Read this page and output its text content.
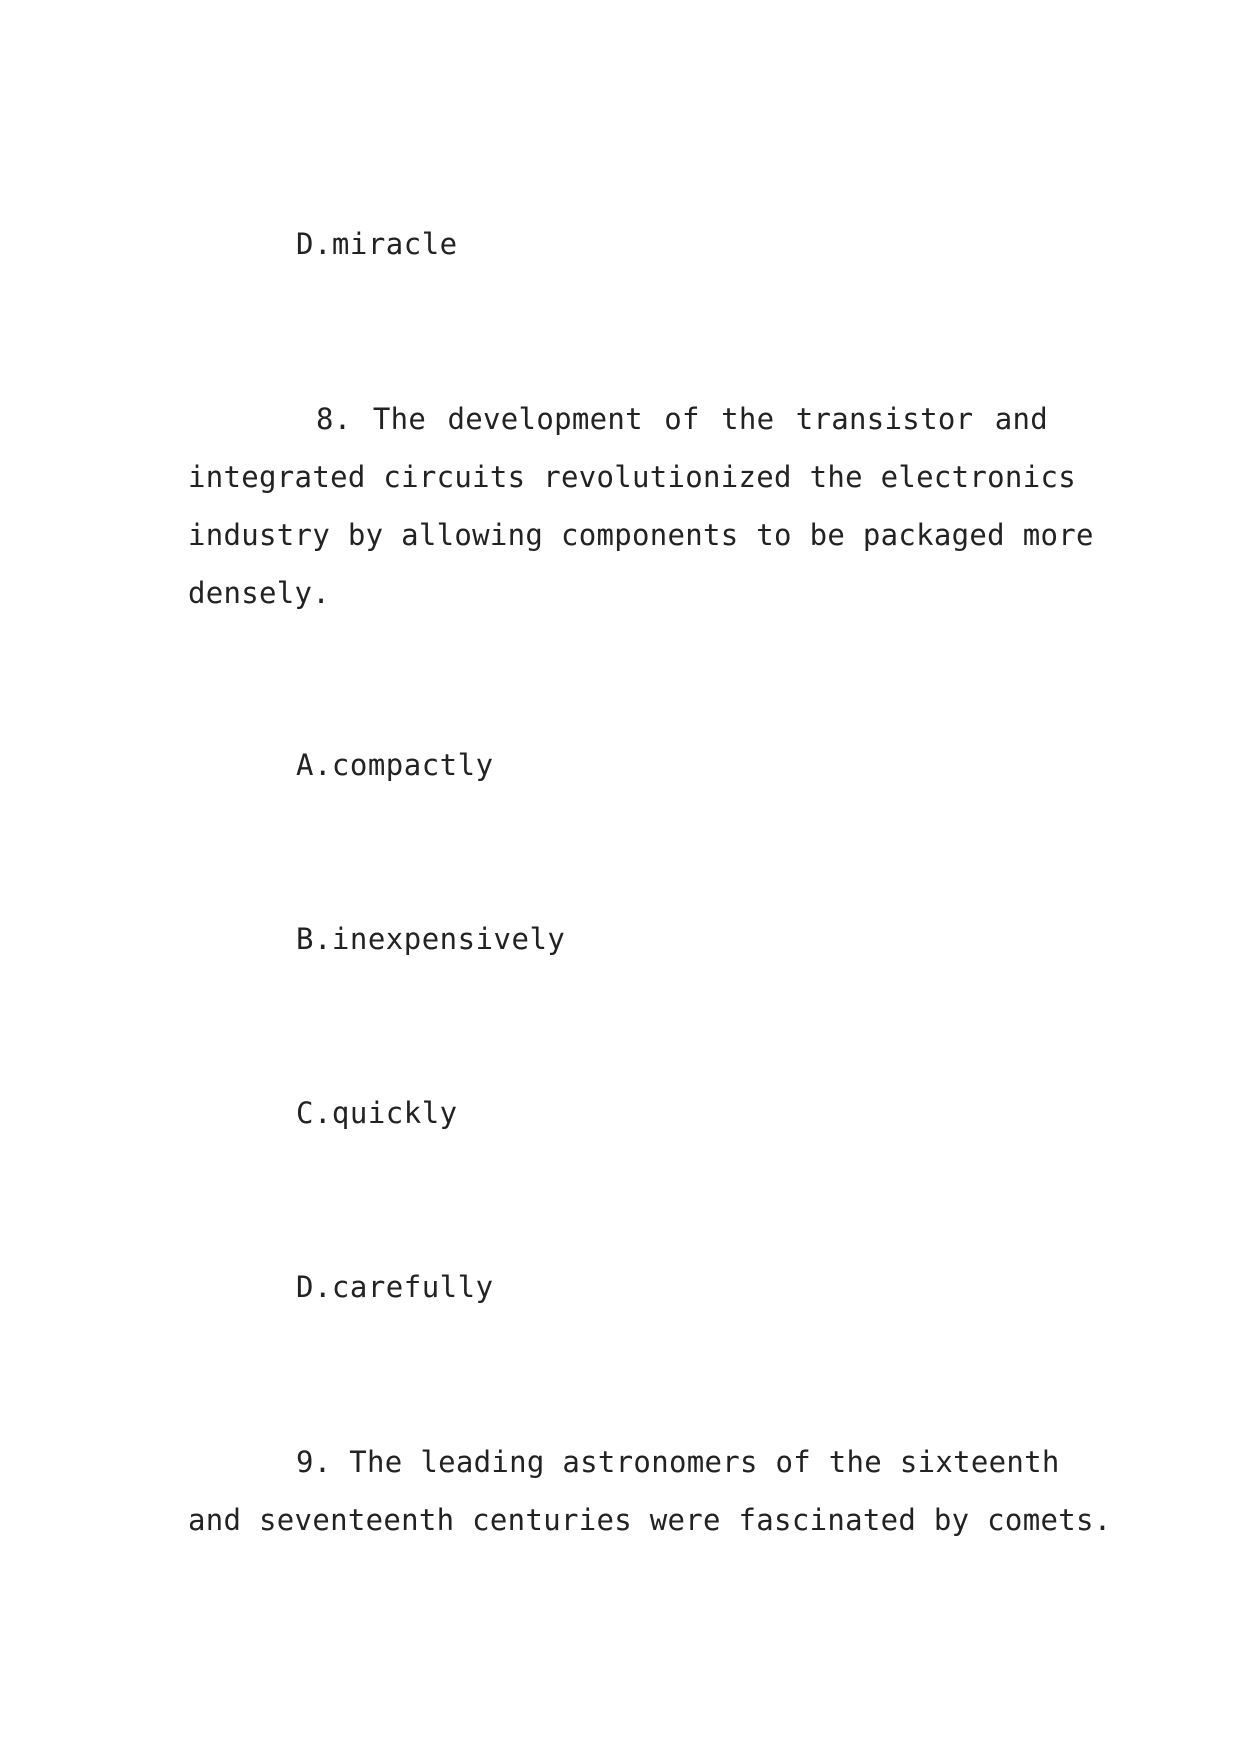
D.miracle
8. The development of the transistor and
integrated circuits revolutionized the electronics
industry by allowing components to be packaged more
densely.
A.compactly
B.inexpensively
C.quickly
D.carefully
9. The leading astronomers of the sixteenth
and seventeenth centuries were fascinated by comets.
